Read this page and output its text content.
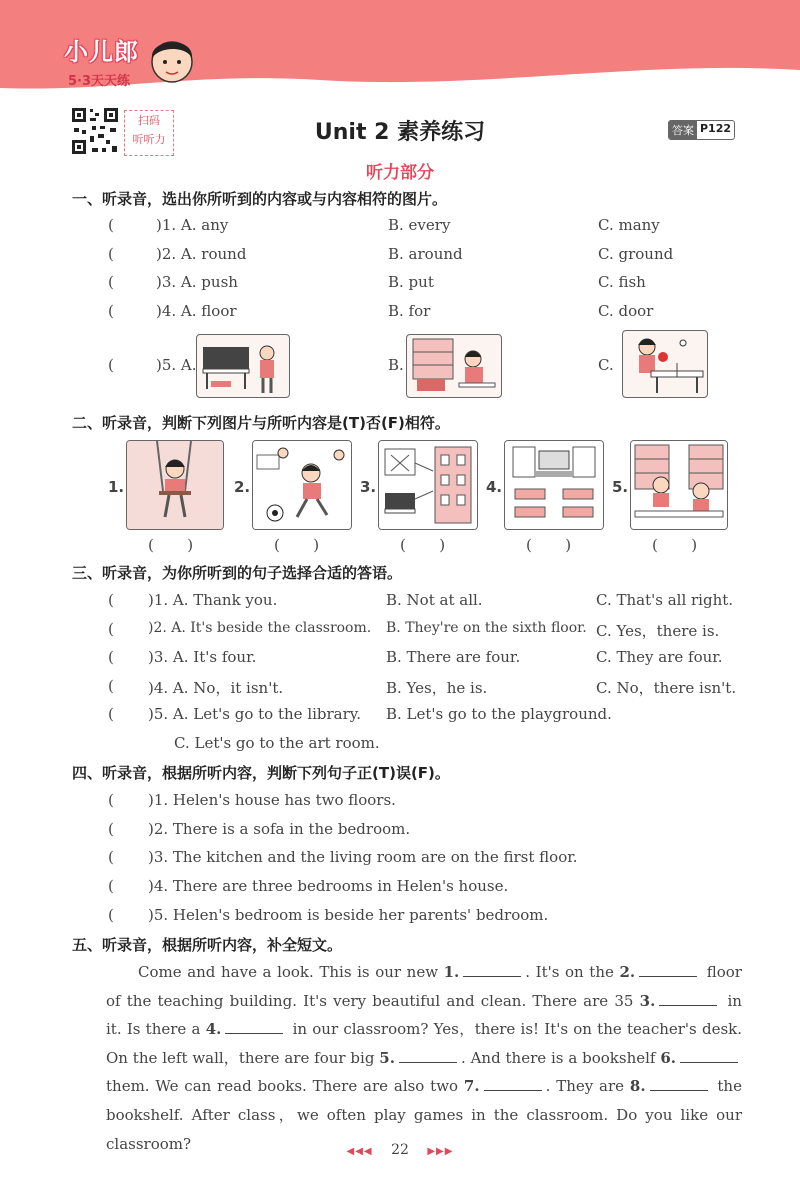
小儿郎
5·3天天练
扫码
听听力	Unit 2 素养练习	答案 P122
听力部分
一、听录音，选出你所听到的内容或与内容相符的图片。
(	)1. A. any	B. every	C. many
(	)2. A. round	B. around	C. ground
(	)3. A. push	B. put	C. fish
(	)4. A. floor	B. for	C. door
(	)5. A.	B.	C.
二、听录音，判断下列图片与所听内容是(T)否(F)相符。
1.	2.	3.	4.	5.
(       )	(       )	(       )	(       )	(       )
三、听录音，为你所听到的句子选择合适的答语。
( )1. A. Thank you.	B. Not at all.	C. That's all right.
( )2. A. It's beside the classroom. B. They're on the sixth floor. C. Yes，there is.
( )3. A. It's four.	B. There are four.	C. They are four.
( )4. A. No，it isn't.	B. Yes，he is.	C. No，there isn't.
( )5. A. Let's go to the library. B. Let's go to the playground.
C. Let's go to the art room.
四、听录音，根据所听内容，判断下列句子正(T)误(F)。
( )1. Helen's house has two floors.
( )2. There is a sofa in the bedroom.
( )3. The kitchen and the living room are on the first floor.
( )4. There are three bedrooms in Helen's house.
( )5. Helen's bedroom is beside her parents' bedroom.
五、听录音，根据所听内容，补全短文。

Come and have a look. This is our new 1.	. It's on the 2.	floor of the teaching building. It's very beautiful and clean. There are 35 3.	in it. Is there a 4.	in our classroom? Yes，there is! It's on the teacher's desk. On the left wall，there are four big 5.	. And there is a bookshelf 6. them. We can read books. There are also two 7.	. They are 8.	the bookshelf. After class，we often play games in the classroom. Do you like our classroom?	◀◀◀ 22 ▶▶▶
